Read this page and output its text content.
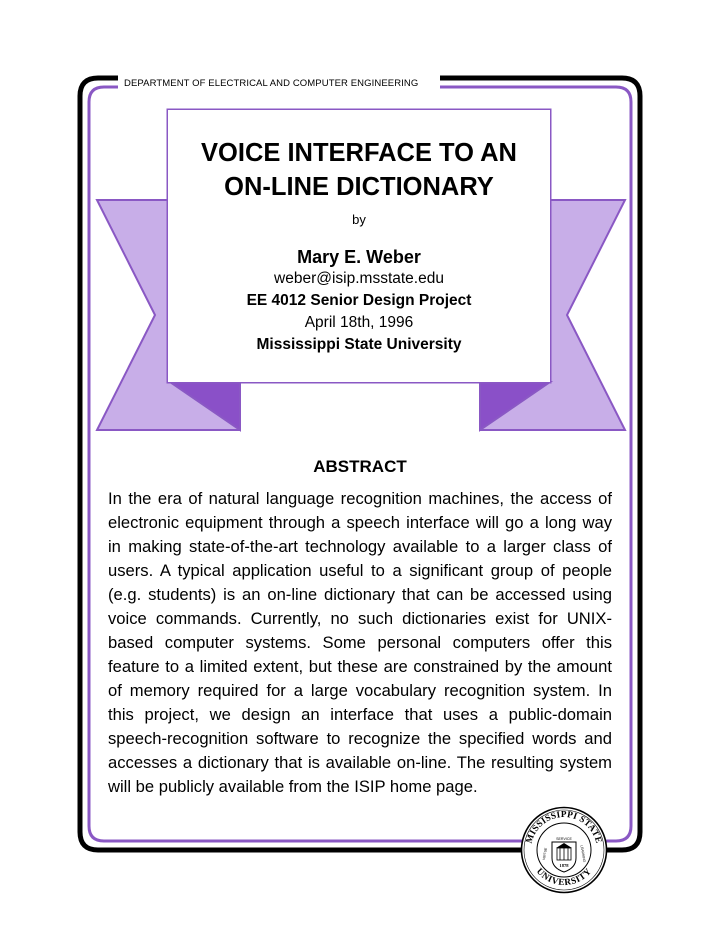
DEPARTMENT OF ELECTRICAL AND COMPUTER ENGINEERING
VOICE INTERFACE TO AN
ON-LINE DICTIONARY
by
Mary E. Weber
weber@isip.msstate.edu
EE 4012 Senior Design Project
April 18th, 1996
Mississippi State University
ABSTRACT
In the era of natural language recognition machines, the access of electronic equipment through a speech interface will go a long way in making state-of-the-art technology available to a larger class of users. A typical application useful to a significant group of people (e.g. students) is an on-line dictionary that can be accessed using voice commands. Currently, no such dictionaries exist for UNIX-based computer systems. Some personal computers offer this feature to a limited extent, but these are constrained by the amount of memory required for a large vocabulary recognition system. In this project, we design an interface that uses a public-domain speech-recognition software to recognize the specified words and accesses a dictionary that is available on-line. The resulting system will be publicly available from the ISIP home page.
MISSISSIPPI STATE
UNIVERSITY
SERVICE
VIRTUE	LEARNING
1878
